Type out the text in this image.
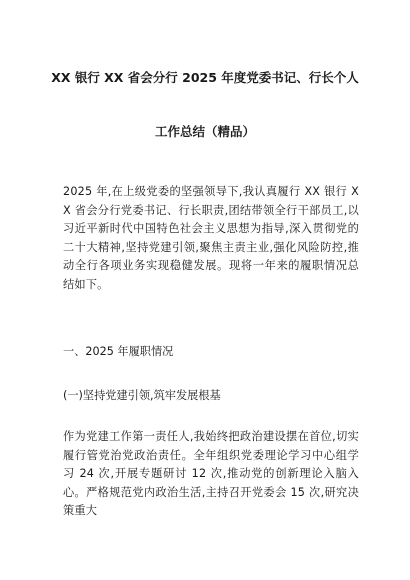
XX 银行 XX 省会分行 2025 年度党委书记、行长个人
工作总结（精品）
2025 年,在上级党委的坚强领导下,我认真履行 XX 银行 XX 省会分行党委书记、行长职责,团结带领全行干部员工,以习近平新时代中国特色社会主义思想为指导,深入贯彻党的二十大精神,坚持党建引领,聚焦主责主业,强化风险防控,推动全行各项业务实现稳健发展。现将一年来的履职情况总结如下。
一、2025 年履职情况
(一)坚持党建引领,筑牢发展根基
作为党建工作第一责任人,我始终把政治建设摆在首位,切实履行管党治党政治责任。全年组织党委理论学习中心组学习 24 次,开展专题研讨 12 次,推动党的创新理论入脑入心。严格规范党内政治生活,主持召开党委会 15 次,研究决策重大
